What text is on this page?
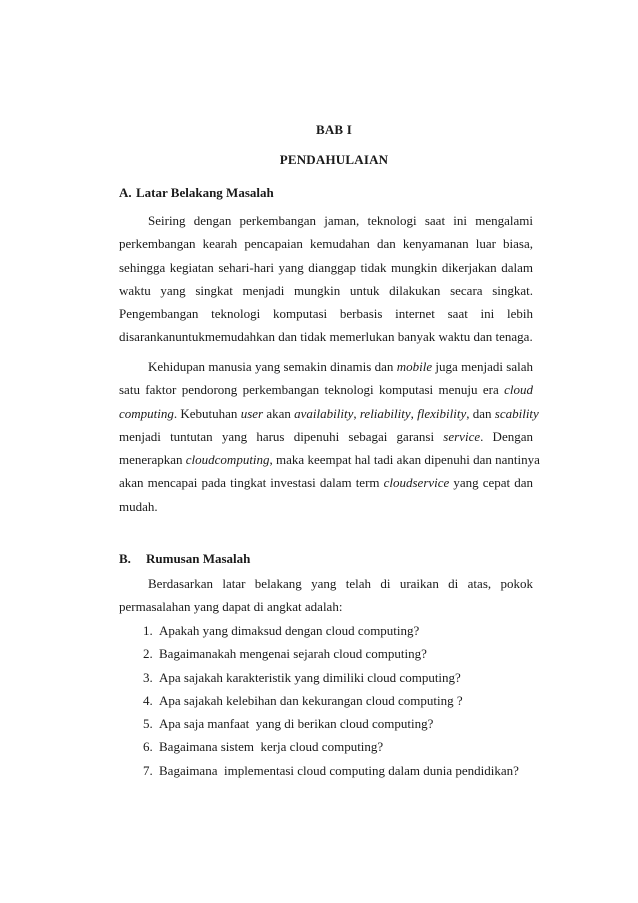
BAB I
PENDAHULAIAN
A. Latar Belakang Masalah
Seiring dengan perkembangan jaman, teknologi saat ini mengalami
perkembangan kearah pencapaian kemudahan dan kenyamanan luar biasa,
sehingga kegiatan sehari-hari yang dianggap tidak mungkin dikerjakan dalam
waktu yang singkat menjadi mungkin untuk dilakukan secara singkat.
Pengembangan teknologi komputasi berbasis internet saat ini lebih
disarankanuntukmemudahkan dan tidak memerlukan banyak waktu dan tenaga.
Kehidupan manusia yang semakin dinamis dan mobile juga menjadi salah
satu faktor pendorong perkembangan teknologi komputasi menuju era cloud
computing. Kebutuhan user akan availability, reliability, flexibility, dan scability
menjadi tuntutan yang harus dipenuhi sebagai garansi service. Dengan
menerapkan cloudcomputing, maka keempat hal tadi akan dipenuhi dan nantinya
akan mencapai pada tingkat investasi dalam term cloudservice yang cepat dan
mudah.
B. Rumusan Masalah
Berdasarkan latar belakang yang telah di uraikan di atas, pokok
permasalahan yang dapat di angkat adalah:
1. Apakah yang dimaksud dengan cloud computing?
2. Bagaimanakah mengenai sejarah cloud computing?
3. Apa sajakah karakteristik yang dimiliki cloud computing?
4. Apa sajakah kelebihan dan kekurangan cloud computing ?
5. Apa saja manfaat  yang di berikan cloud computing?
6. Bagaimana sistem  kerja cloud computing?
7. Bagaimana  implementasi cloud computing dalam dunia pendidikan?
